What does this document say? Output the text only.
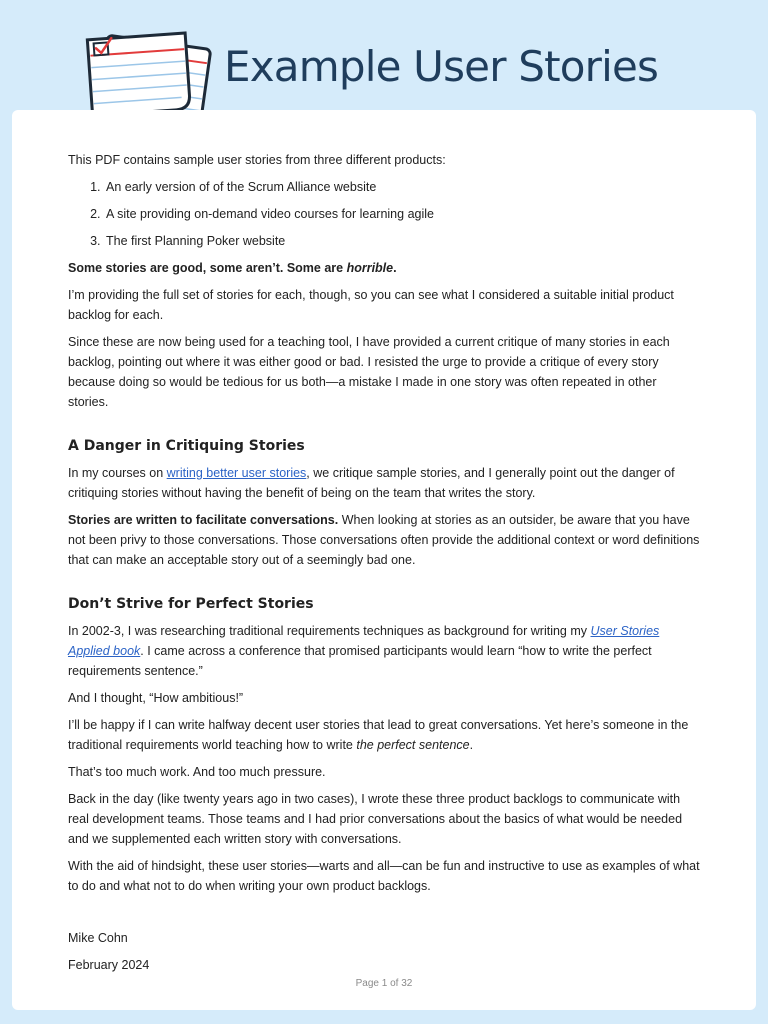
Example User Stories

This PDF contains sample user stories from three different products:

1. An early version of of the Scrum Alliance website
2. A site providing on-demand video courses for learning agile
3. The first Planning Poker website

Some stories are good, some aren’t. Some are horrible.

I’m providing the full set of stories for each, though, so you can see what I considered a suitable initial product backlog for each.

Since these are now being used for a teaching tool, I have provided a current critique of many stories in each backlog, pointing out where it was either good or bad. I resisted the urge to provide a critique of every story because doing so would be tedious for us both—a mistake I made in one story was often repeated in other stories.

A Danger in Critiquing Stories

In my courses on writing better user stories, we critique sample stories, and I generally point out the danger of critiquing stories without having the benefit of being on the team that writes the story.

Stories are written to facilitate conversations. When looking at stories as an outsider, be aware that you have not been privy to those conversations. Those conversations often provide the additional context or word definitions that can make an acceptable story out of a seemingly bad one.

Don’t Strive for Perfect Stories

In 2002-3, I was researching traditional requirements techniques as background for writing my User Stories Applied book. I came across a conference that promised participants would learn “how to write the perfect requirements sentence.”

And I thought, “How ambitious!”

I’ll be happy if I can write halfway decent user stories that lead to great conversations. Yet here’s someone in the traditional requirements world teaching how to write the perfect sentence.

That’s too much work. And too much pressure.

Back in the day (like twenty years ago in two cases), I wrote these three product backlogs to communicate with real development teams. Those teams and I had prior conversations about the basics of what would be needed and we supplemented each written story with conversations.

With the aid of hindsight, these user stories—warts and all—can be fun and instructive to use as examples of what to do and what not to do when writing your own product backlogs.

Mike Cohn

February 2024

Page 1 of 32
